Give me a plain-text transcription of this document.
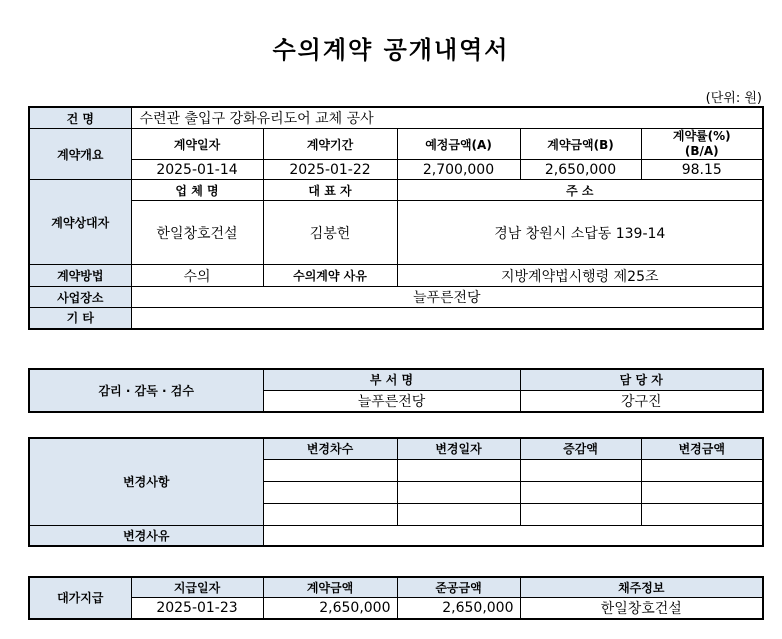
수의계약 공개내역서
(단위: 원)
건 명	수련관 출입구 강화유리도어 교체 공사				
계약개요	계약일자	계약기간	예정금액(A)	계약금액(B)	계약률(%)
(B/A)
	2025-01-14	2025-01-22	2,700,000	2,650,000	98.15
계약상대자	업 체 명	대 표 자	주 소		
	한일창호건설	김봉헌	경남 창원시 소답동 139-14		
계약방법	수의	수의계약 사유	지방계약법시행령 제25조		
사업장소	늘푸른전당				
기 타					
감리 · 감독 · 검수	부 서 명	담 당 자
	늘푸른전당	강구진
변경사항	변경차수	변경일자	증감액	변경금액

변경사유				
대가지급	지급일자	계약금액	준공금액	채주정보
	2025-01-23	2,650,000	2,650,000	한일창호건설
